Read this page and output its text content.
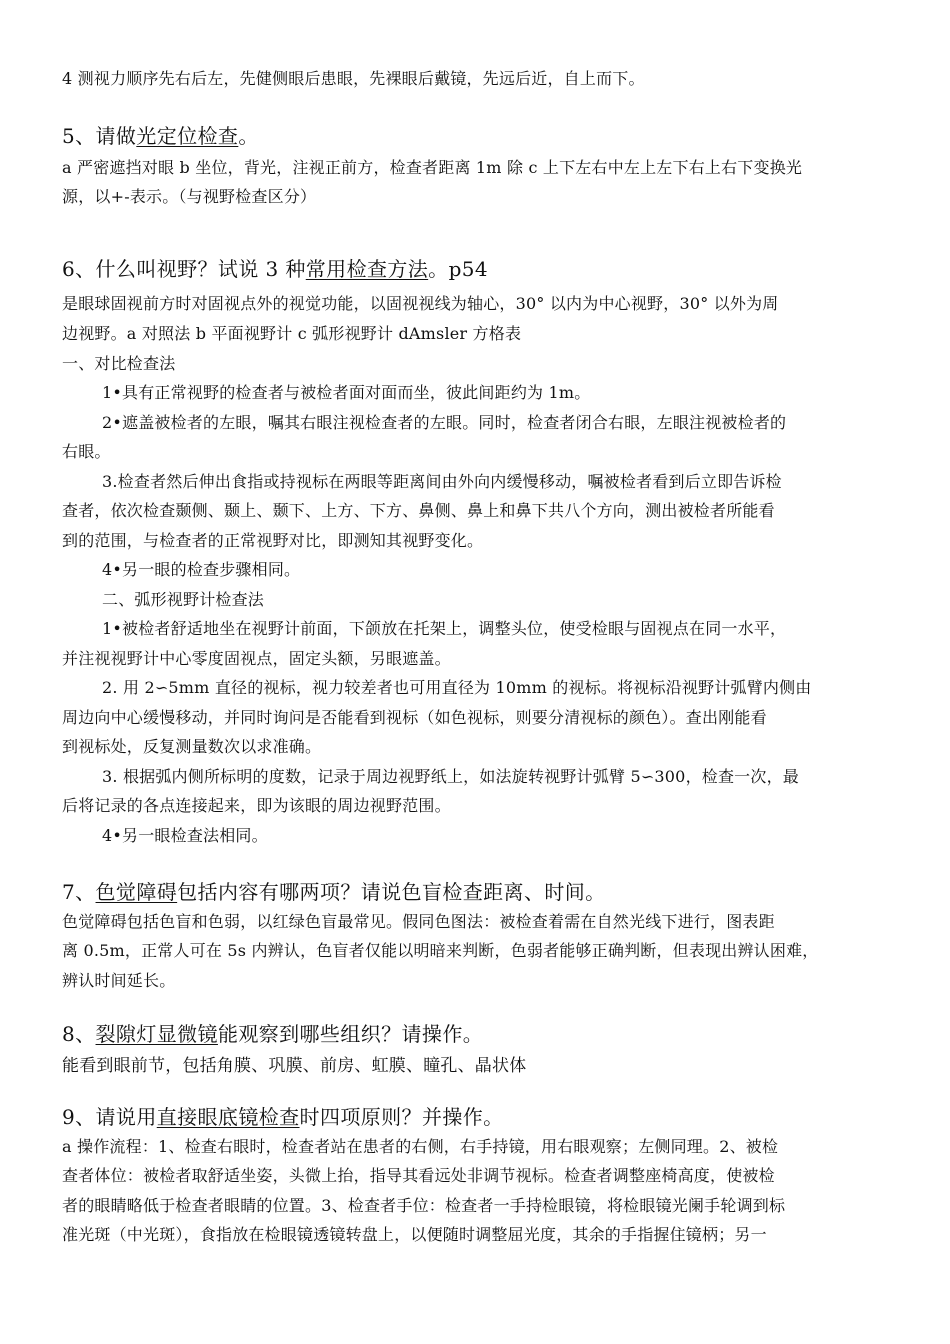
4 测视力顺序先右后左，先健侧眼后患眼，先裸眼后戴镜，先远后近，自上而下。
5、请做光定位检查。
a 严密遮挡对眼 b 坐位，背光，注视正前方，检查者距离 1m 除 c 上下左右中左上左下右上右下变换光
源，以+-表示。（与视野检查区分）
6、什么叫视野？试说 3 种常用检查方法。p54
是眼球固视前方时对固视点外的视觉功能，以固视视线为轴心，30° 以内为中心视野，30° 以外为周
边视野。a 对照法 b 平面视野计 c 弧形视野计 dAmsler 方格表
一、对比检查法
1•具有正常视野的检查者与被检者面对面而坐，彼此间距约为 1m。
2•遮盖被检者的左眼，嘱其右眼注视检查者的左眼。同时，检查者闭合右眼，左眼注视被检者的
右眼。
3.检查者然后伸出食指或持视标在两眼等距离间由外向内缓慢移动，嘱被检者看到后立即告诉检
查者，依次检查颞侧、颞上、颞下、上方、下方、鼻侧、鼻上和鼻下共八个方向，测出被检者所能看
到的范围，与检查者的正常视野对比，即测知其视野变化。
4•另一眼的检查步骤相同。
二、弧形视野计检查法
1•被检者舒适地坐在视野计前面，下颌放在托架上，调整头位，使受检眼与固视点在同一水平，
并注视视野计中心零度固视点，固定头额，另眼遮盖。
2. 用 2∽5mm 直径的视标，视力较差者也可用直径为 10mm 的视标。将视标沿视野计弧臂内侧由
周边向中心缓慢移动，并同时询问是否能看到视标（如色视标，则要分清视标的颜色）。查出刚能看
到视标处，反复测量数次以求准确。
3. 根据弧内侧所标明的度数，记录于周边视野纸上，如法旋转视野计弧臂 5∽300，检查一次，最
后将记录的各点连接起来，即为该眼的周边视野范围。
4•另一眼检查法相同。
7、色觉障碍包括内容有哪两项？请说色盲检查距离、时间。
色觉障碍包括色盲和色弱，以红绿色盲最常见。假同色图法：被检查着需在自然光线下进行，图表距
离 0.5m，正常人可在 5s 内辨认，色盲者仅能以明暗来判断，色弱者能够正确判断，但表现出辨认困难，
辨认时间延长。
8、裂隙灯显微镜能观察到哪些组织？请操作。
能看到眼前节，包括角膜、巩膜、前房、虹膜、瞳孔、晶状体
9、请说用直接眼底镜检查时四项原则？并操作。
a 操作流程：1、检查右眼时，检查者站在患者的右侧，右手持镜，用右眼观察；左侧同理。2、被检
查者体位：被检者取舒适坐姿，头微上抬，指导其看远处非调节视标。检查者调整座椅高度，使被检
者的眼睛略低于检查者眼睛的位置。3、检查者手位：检查者一手持检眼镜，将检眼镜光阑手轮调到标
准光斑（中光斑），食指放在检眼镜透镜转盘上，以便随时调整屈光度，其余的手指握住镜柄；另一
